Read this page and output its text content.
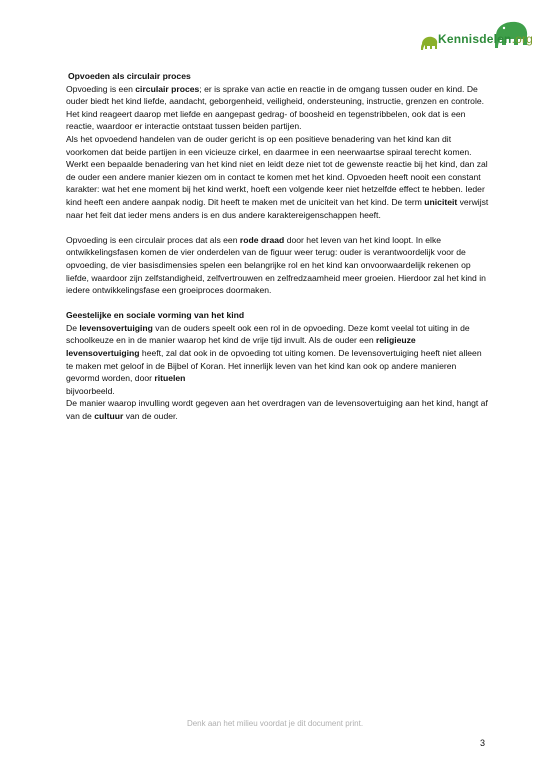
Kennisdelen.org

Opvoeden als circulair proces

Opvoeding is een circulair proces; er is sprake van actie en reactie in de omgang tussen ouder en kind. De ouder biedt het kind liefde, aandacht, geborgenheid, veiligheid, ondersteuning, instructie, grenzen en controle. Het kind reageert daarop met liefde en aangepast gedrag- of boosheid en tegenstribbelen, ook dat is een reactie, waardoor er interactie ontstaat tussen beiden partijen.

Als het opvoedend handelen van de ouder gericht is op een positieve benadering van het kind kan dit voorkomen dat beide partijen in een vicieuze cirkel, en daarmee in een neerwaartse spiraal terecht komen. Werkt een bepaalde benadering van het kind niet en leidt deze niet tot de gewenste reactie bij het kind, dan zal de ouder een andere manier kiezen om in contact te komen met het kind. Opvoeden heeft nooit een constant karakter: wat het ene moment bij het kind werkt, hoeft een volgende keer niet hetzelfde effect te hebben. Ieder kind heeft een andere aanpak nodig. Dit heeft te maken met de uniciteit van het kind. De term uniciteit verwijst naar het feit dat ieder mens anders is en dus andere karaktereigenschappen heeft.

Opvoeding is een circulair proces dat als een rode draad door het leven van het kind loopt. In elke ontwikkelingsfasen komen de vier onderdelen van de figuur weer terug: ouder is verantwoordelijk voor de opvoeding, de vier basisdimensies spelen een belangrijke rol en het kind kan onvoorwaardelijk rekenen op liefde, waardoor zijn zelfstandigheid, zelfvertrouwen en zelfredzaamheid meer groeien. Hierdoor zal het kind in iedere ontwikkelingsfase een groeiproces doormaken.

Geestelijke en sociale vorming van het kind

De levensovertuiging van de ouders speelt ook een rol in de opvoeding. Deze komt veelal tot uiting in de schoolkeuze en in de manier waarop het kind de vrije tijd invult. Als de ouder een religieuze levensovertuiging heeft, zal dat ook in de opvoeding tot uiting komen. De levensovertuiging heeft niet alleen te maken met geloof in de Bijbel of Koran. Het innerlijk leven van het kind kan ook op andere manieren gevormd worden, door rituelen
bijvoorbeeld.

De manier waarop invulling wordt gegeven aan het overdragen van de levensovertuiging aan het kind, hangt af van de cultuur van de ouder.

Denk aan het milieu voordat je dit document print.
3
